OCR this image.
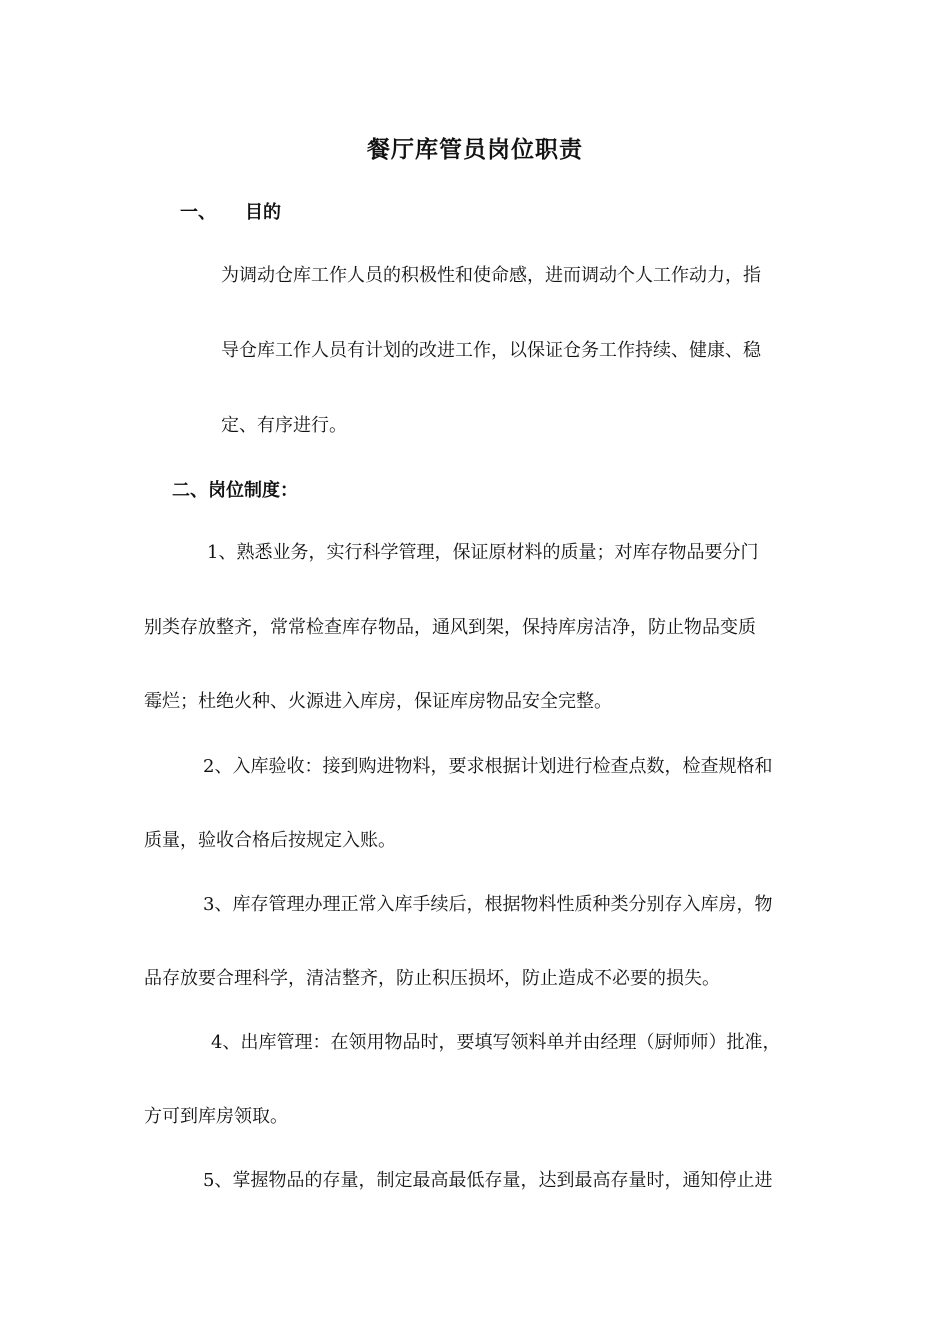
餐厅库管员岗位职责
一、 目的
为调动仓库工作人员的积极性和使命感，进而调动个人工作动力，指
导仓库工作人员有计划的改进工作，以保证仓务工作持续、健康、稳
定、有序进行。
二、岗位制度：
1、熟悉业务，实行科学管理，保证原材料的质量；对库存物品要分门
别类存放整齐，常常检查库存物品，通风到架，保持库房洁净，防止物品变质
霉烂；杜绝火种、火源进入库房，保证库房物品安全完整。
2、入库验收：接到购进物料，要求根据计划进行检查点数，检查规格和
质量，验收合格后按规定入账。
3、库存管理办理正常入库手续后，根据物料性质种类分别存入库房，物
品存放要合理科学，清洁整齐，防止积压损坏，防止造成不必要的损失。
4、出库管理：在领用物品时，要填写领料单并由经理（厨师师）批准，
方可到库房领取。
5、掌握物品的存量，制定最高最低存量，达到最高存量时，通知停止进
